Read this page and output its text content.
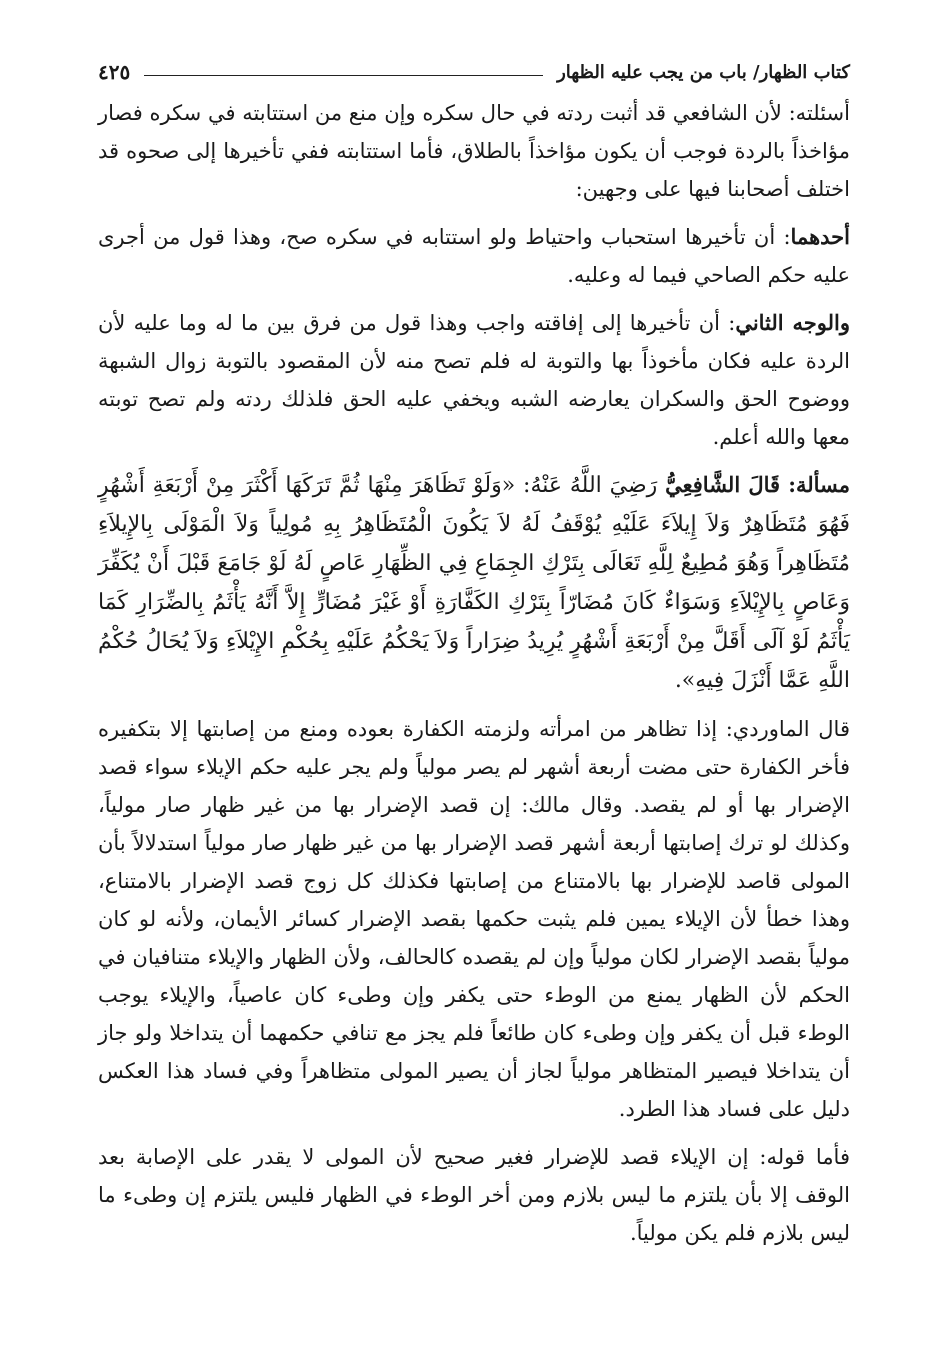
كتاب الظهار/ باب من يجب عليه الظهار
٤٢٥

أسئلته: لأن الشافعي قد أثبت ردته في حال سكره وإن منع من استتابته في سكره فصار مؤاخذاً بالردة فوجب أن يكون مؤاخذاً بالطلاق، فأما استتابته ففي تأخيرها إلى صحوه قد اختلف أصحابنا فيها على وجهين:

أحدهما: أن تأخيرها استحباب واحتياط ولو استتابه في سكره صح، وهذا قول من أجرى عليه حكم الصاحي فيما له وعليه.

والوجه الثاني: أن تأخيرها إلى إفاقته واجب وهذا قول من فرق بين ما له وما عليه لأن الردة عليه فكان مأخوذاً بها والتوبة له فلم تصح منه لأن المقصود بالتوبة زوال الشبهة ووضوح الحق والسكران يعارضه الشبه ويخفي عليه الحق فلذلك ردته ولم تصح توبته معها والله أعلم.

مسألة: قَالَ الشَّافِعِيُّ رَضِيَ اللَّهُ عَنْهُ: «وَلَوْ تَظَاهَرَ مِنْهَا ثُمَّ تَرَكَهَا أَكْثَرَ مِنْ أَرْبَعَةِ أَشْهُرٍ فَهُوَ مُتَظَاهِرٌ وَلاَ إِيلاَءَ عَلَيْهِ يُوْقَفُ لَهُ لاَ يَكُونَ الْمُتَظَاهِرُ بِهِ مُولِياً وَلاَ الْمَوْلَى بِالإِيلاَءِ مُتَظَاهِراً وَهُوَ مُطِيعٌ لِلَّهِ تَعَالَى بِتَرْكِ الجِمَاعِ فِي الظِّهَارِ عَاصٍ لَهُ لَوْ جَامَعَ قَبْلَ أَنْ يُكَفِّرَ وَعَاصٍ بِالإِيْلاَءِ وَسَوَاءٌ كَانَ مُضَارّاً بِتَرْكِ الكَفَّارَةِ أَوْ غَيْرَ مُضَارٍّ إِلاَّ أَنَّهُ يَأْثَمُ بِالضِّرَارِ كَمَا يَأْثَمُ لَوْ آلَى أَقَلَّ مِنْ أَرْبَعَةِ أَشْهُرٍ يُرِيدُ ضِرَاراً وَلاَ يَحْكُمُ عَلَيْهِ بِحُكْمِ الإِيْلاَءِ وَلاَ يُحَالُ حُكْمُ اللَّهِ عَمَّا أَنْزَلَ فِيهِ».

قال الماوردي: إذا تظاهر من امرأته ولزمته الكفارة بعوده ومنع من إصابتها إلا بتكفيره فأخر الكفارة حتى مضت أربعة أشهر لم يصر مولياً ولم يجر عليه حكم الإيلاء سواء قصد الإضرار بها أو لم يقصد. وقال مالك: إن قصد الإضرار بها من غير ظهار صار مولياً، وكذلك لو ترك إصابتها أربعة أشهر قصد الإضرار بها من غير ظهار صار مولياً استدلالاً بأن المولى قاصد للإضرار بها بالامتناع من إصابتها فكذلك كل زوج قصد الإضرار بالامتناع، وهذا خطأ لأن الإيلاء يمين فلم يثبت حكمها بقصد الإضرار كسائر الأيمان، ولأنه لو كان مولياً بقصد الإضرار لكان مولياً وإن لم يقصده كالحالف، ولأن الظهار والإيلاء متنافيان في الحكم لأن الظهار يمنع من الوطء حتى يكفر وإن وطىء كان عاصياً، والإيلاء يوجب الوطء قبل أن يكفر وإن وطىء كان طائعاً فلم يجز مع تنافي حكمهما أن يتداخلا ولو جاز أن يتداخلا فيصير المتظاهر مولياً لجاز أن يصير المولى متظاهراً وفي فساد هذا العكس دليل على فساد هذا الطرد.

فأما قوله: إن الإيلاء قصد للإضرار فغير صحيح لأن المولى لا يقدر على الإصابة بعد الوقف إلا بأن يلتزم ما ليس بلازم ومن أخر الوطء في الظهار فليس يلتزم إن وطىء ما ليس بلازم فلم يكن مولياً.
